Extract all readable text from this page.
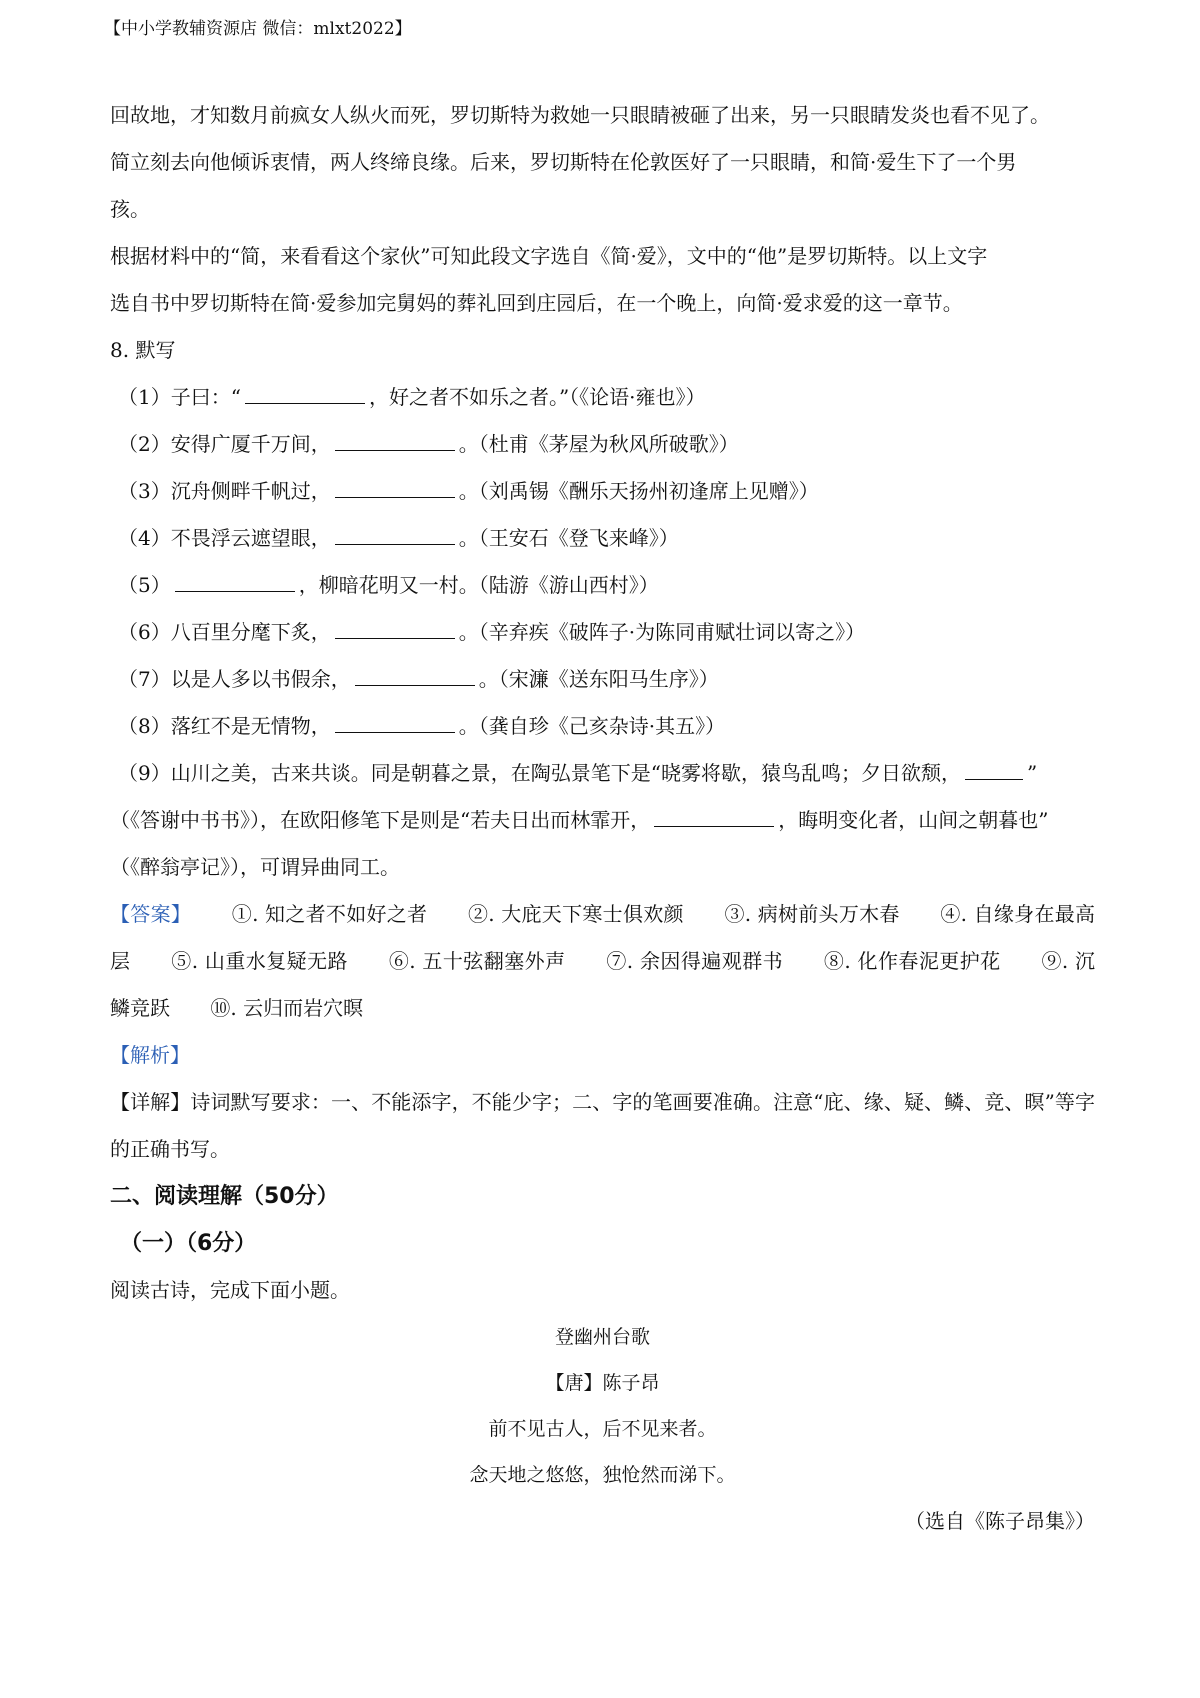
【中小学教辅资源店 微信：mlxt2022】

回故地，才知数月前疯女人纵火而死，罗切斯特为救她一只眼睛被砸了出来，另一只眼睛发炎也看不见了。

简立刻去向他倾诉衷情，两人终缔良缘。后来，罗切斯特在伦敦医好了一只眼睛，和简·爱生下了一个男

孩。

根据材料中的“简，来看看这个家伙”可知此段文字选自《简·爱》，文中的“他”是罗切斯特。以上文字

选自书中罗切斯特在简·爱参加完舅妈的葬礼回到庄园后，在一个晚上，向简·爱求爱的这一章节。

8. 默写

（1）子曰：“	，好之者不如乐之者。”（《论语·雍也》）

（2）安得广厦千万间，	。（杜甫《茅屋为秋风所破歌》）

（3）沉舟侧畔千帆过，	。（刘禹锡《酬乐天扬州初逢席上见赠》）

（4）不畏浮云遮望眼，	。（王安石《登飞来峰》）

（5）	，柳暗花明又一村。（陆游《游山西村》）

（6）八百里分麾下炙，	。（辛弃疾《破阵子·为陈同甫赋壮词以寄之》）

（7）以是人多以书假余，	。（宋濂《送东阳马生序》）

（8）落红不是无情物，	。（龚自珍《己亥杂诗·其五》）

（9）山川之美，古来共谈。同是朝暮之景，在陶弘景笔下是“晓雾将歇，猿鸟乱鸣；夕日欲颓，	”

（《答谢中书书》），在欧阳修笔下是则是“若夫日出而林霏开，	，晦明变化者，山间之朝暮也”

（《醉翁亭记》），可谓异曲同工。

【答案】 ①. 知之者不如好之者 ②. 大庇天下寒士俱欢颜 ③. 病树前头万木春 ④. 自缘身在最高层 ⑤. 山重水复疑无路 ⑥. 五十弦翻塞外声 ⑦. 余因得遍观群书 ⑧. 化作春泥更护花 ⑨. 沉鳞竞跃 ⑩. 云归而岩穴暝

【解析】

【详解】诗词默写要求：一、不能添字，不能少字；二、字的笔画要准确。注意“庇、缘、疑、鳞、竞、暝”等字的正确书写。

二、阅读理解（50分）

（一）（6分）

阅读古诗，完成下面小题。

登幽州台歌

【唐】陈子昂

前不见古人，后不见来者。

念天地之悠悠，独怆然而涕下。

（选自《陈子昂集》）
